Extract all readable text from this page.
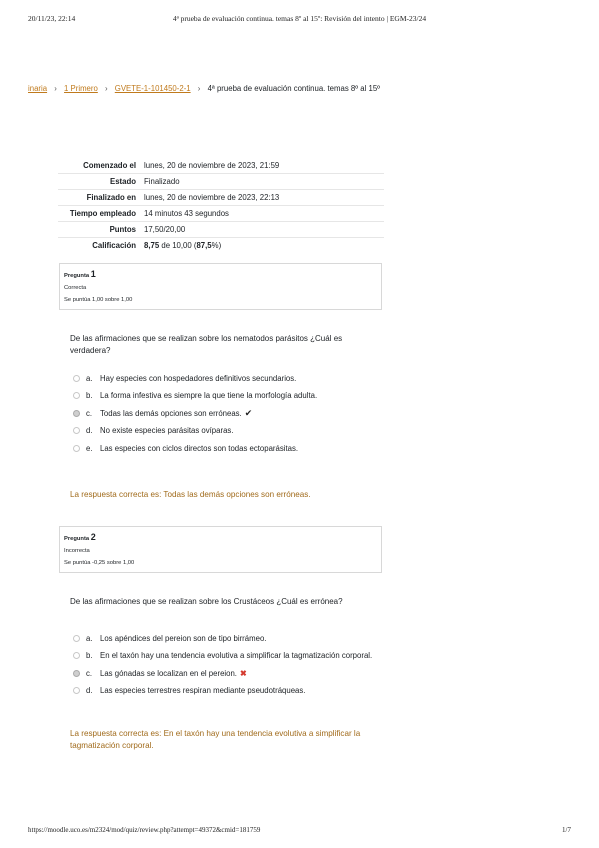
20/11/23, 22:14	4ª prueba de evaluación continua. temas 8º al 15º: Revisión del intento | EGM-23/24
inaria › 1 Primero › GVETE-1-101450-2-1 › 4ª prueba de evaluación continua. temas 8º al 15º
Comenzado el	lunes, 20 de noviembre de 2023, 21:59
Estado	Finalizado
Finalizado en	lunes, 20 de noviembre de 2023, 22:13
Tiempo empleado	14 minutos 43 segundos
Puntos	17,50/20,00
Calificación	8,75 de 10,00 (87,5%)
Pregunta 1
Correcta
Se puntúa 1,00 sobre 1,00
De las afirmaciones que se realizan sobre los nematodos parásitos ¿Cuál es verdadera?
a. Hay especies con hospedadores definitivos secundarios.
b. La forma infestiva es siempre la que tiene la morfología adulta.
c.	Todas las demás opciones son erróneas. ✔
d. No existe especies parásitas ovíparas.
e. Las especies con ciclos directos son todas ectoparásitas.
La respuesta correcta es: Todas las demás opciones son erróneas.
Pregunta 2
Incorrecta
Se puntúa -0,25 sobre 1,00
De las afirmaciones que se realizan sobre los Crustáceos ¿Cuál es errónea?
a. Los apéndices del pereion son de tipo birrámeo.
b. En el taxón hay una tendencia evolutiva a simplificar la tagmatización corporal.
c.	Las gónadas se localizan en el pereion. ✖
d. Las especies terrestres respiran mediante pseudotráqueas.
La respuesta correcta es: En el taxón hay una tendencia evolutiva a simplificar la tagmatización corporal.
https://moodle.uco.es/m2324/mod/quiz/review.php?attempt=49372&cmid=181759	1/7
